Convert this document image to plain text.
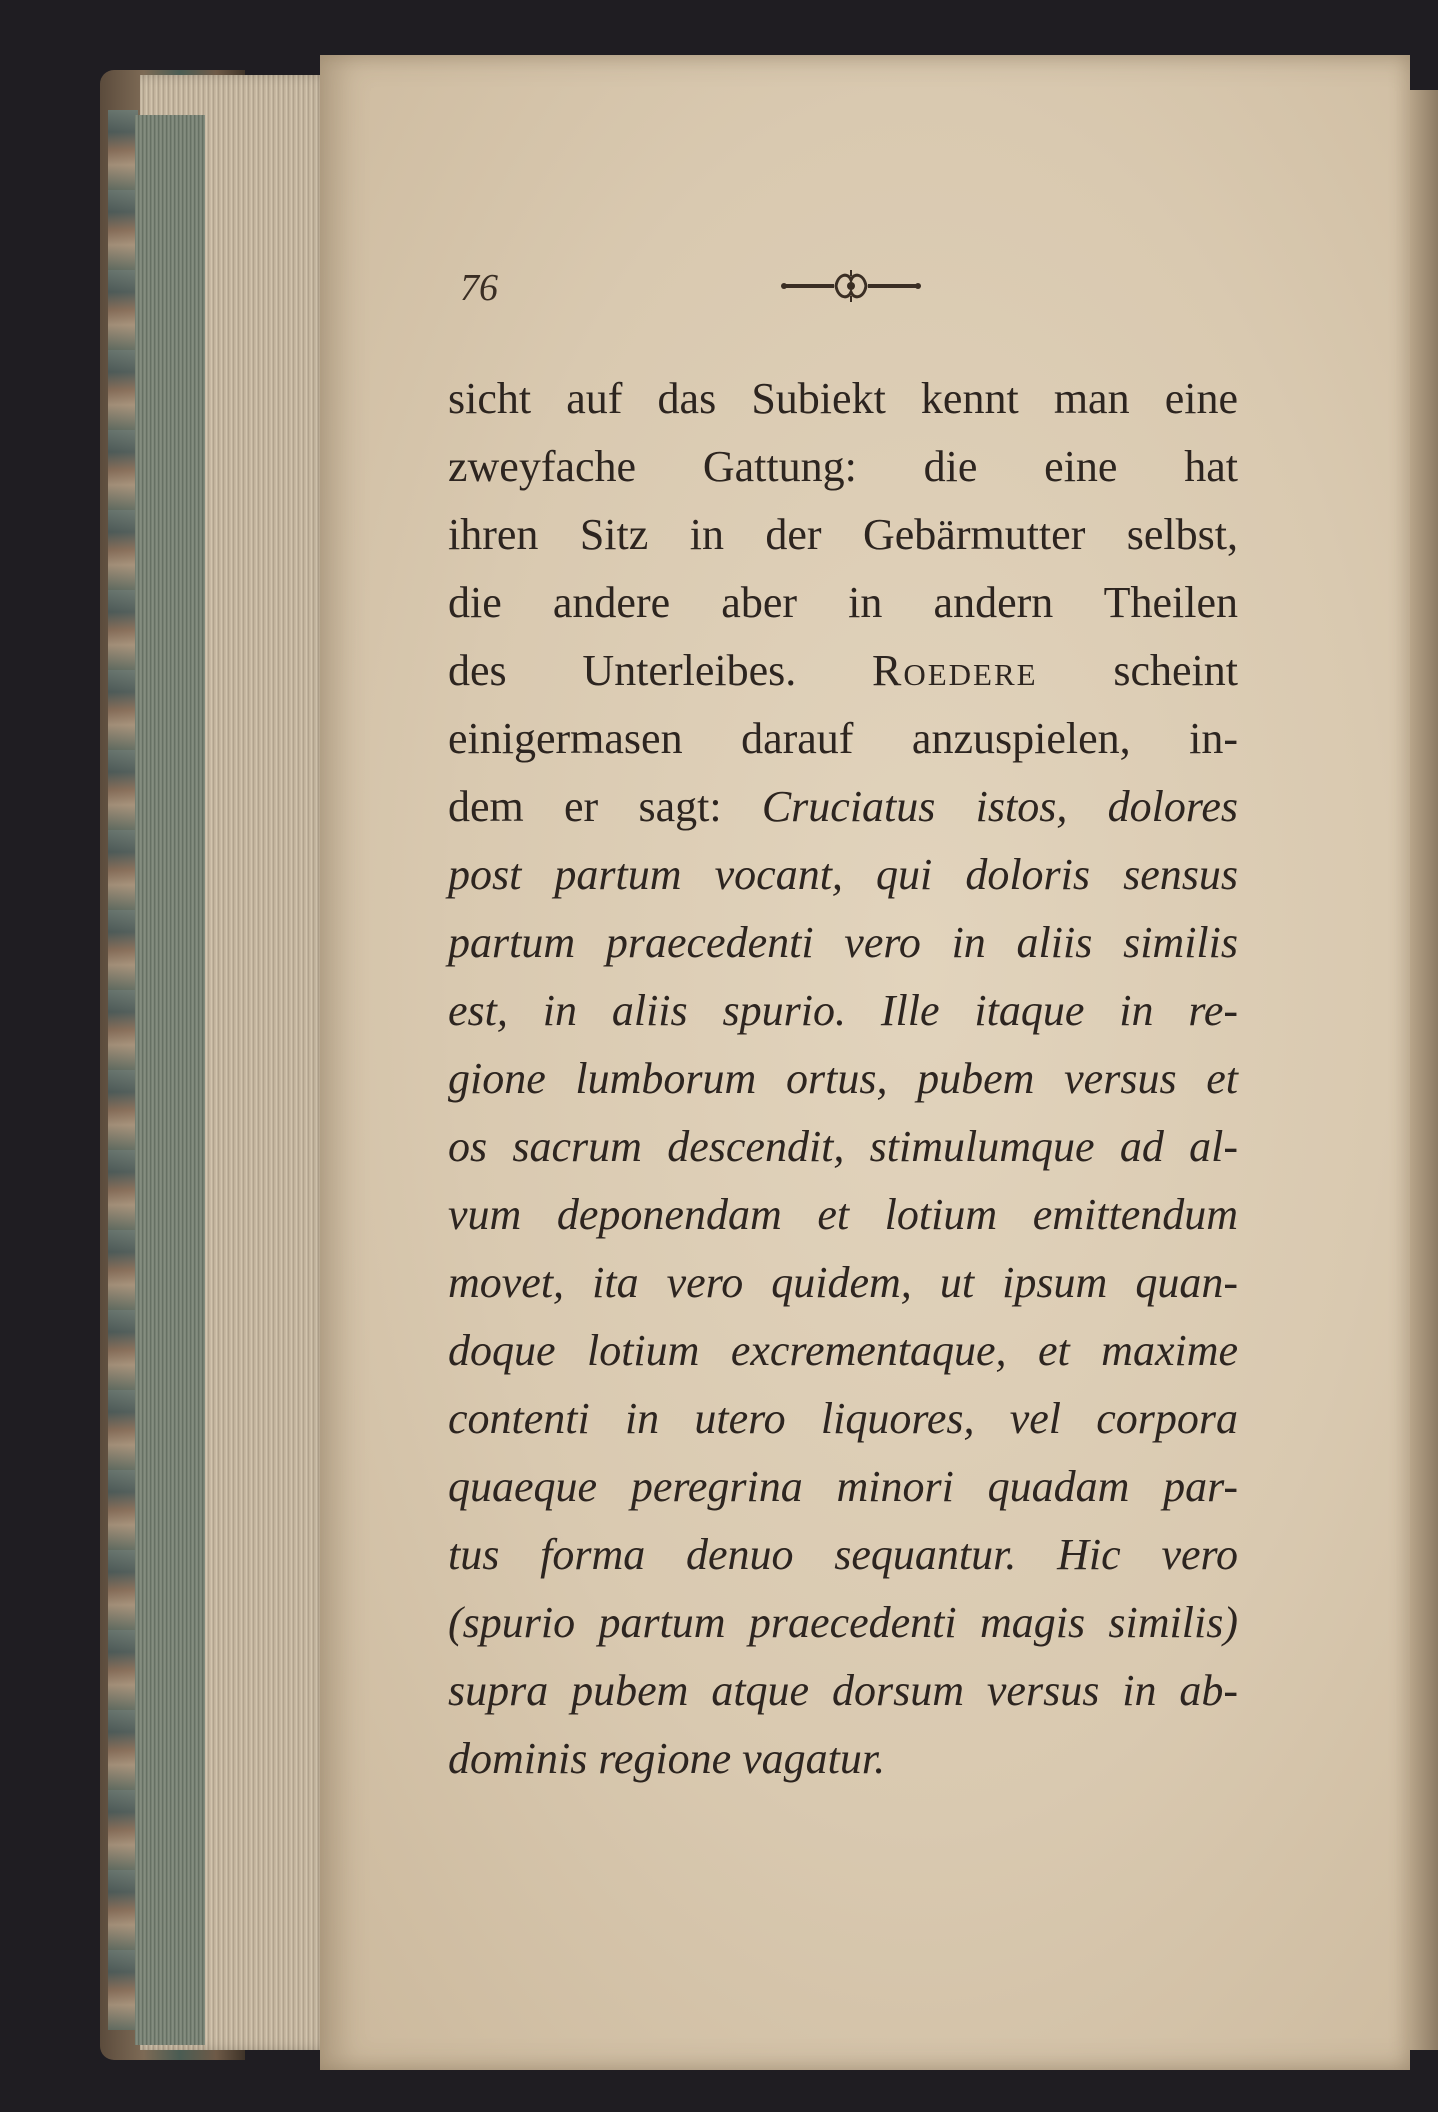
76
sicht auf das Subiekt kennt man eine
zweyfache Gattung: die eine hat
ihren Sitz in der Gebärmutter selbst,
die andere aber in andern Theilen
des Unterleibes. Roedere scheint
einigermasen darauf anzuspielen, in-
dem er sagt: Cruciatus istos, dolores
post partum vocant, qui doloris sensus
partum praecedenti vero in aliis similis
est, in aliis spurio. Ille itaque in re-
gione lumborum ortus, pubem versus et
os sacrum descendit, stimulumque ad al-
vum deponendam et lotium emittendum
movet, ita vero quidem, ut ipsum quan-
doque lotium excrementaque, et maxime
contenti in utero liquores, vel corpora
quaeque peregrina minori quadam par-
tus forma denuo sequantur. Hic vero
(spurio partum praecedenti magis similis)
supra pubem atque dorsum versus in ab-
dominis regione vagatur.
